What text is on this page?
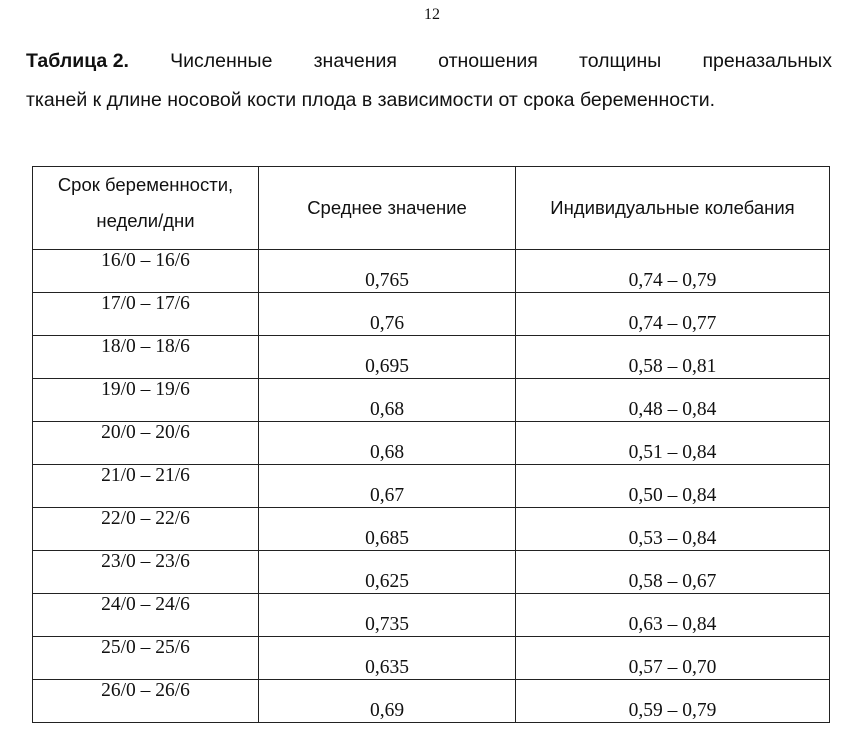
12
Таблица 2. Численные значения отношения толщины преназальных
тканей к длине носовой кости плода в зависимости от срока беременности.
Срок беременности,
недели/дни	Среднее значение	Индивидуальные колебания
16/0 – 16/6	0,765	0,74 – 0,79
17/0 – 17/6	0,76	0,74 – 0,77
18/0 – 18/6	0,695	0,58 – 0,81
19/0 – 19/6	0,68	0,48 – 0,84
20/0 – 20/6	0,68	0,51 – 0,84
21/0 – 21/6	0,67	0,50 – 0,84
22/0 – 22/6	0,685	0,53 – 0,84
23/0 – 23/6	0,625	0,58 – 0,67
24/0 – 24/6	0,735	0,63 – 0,84
25/0 – 25/6	0,635	0,57 – 0,70
26/0 – 26/6	0,69	0,59 – 0,79
